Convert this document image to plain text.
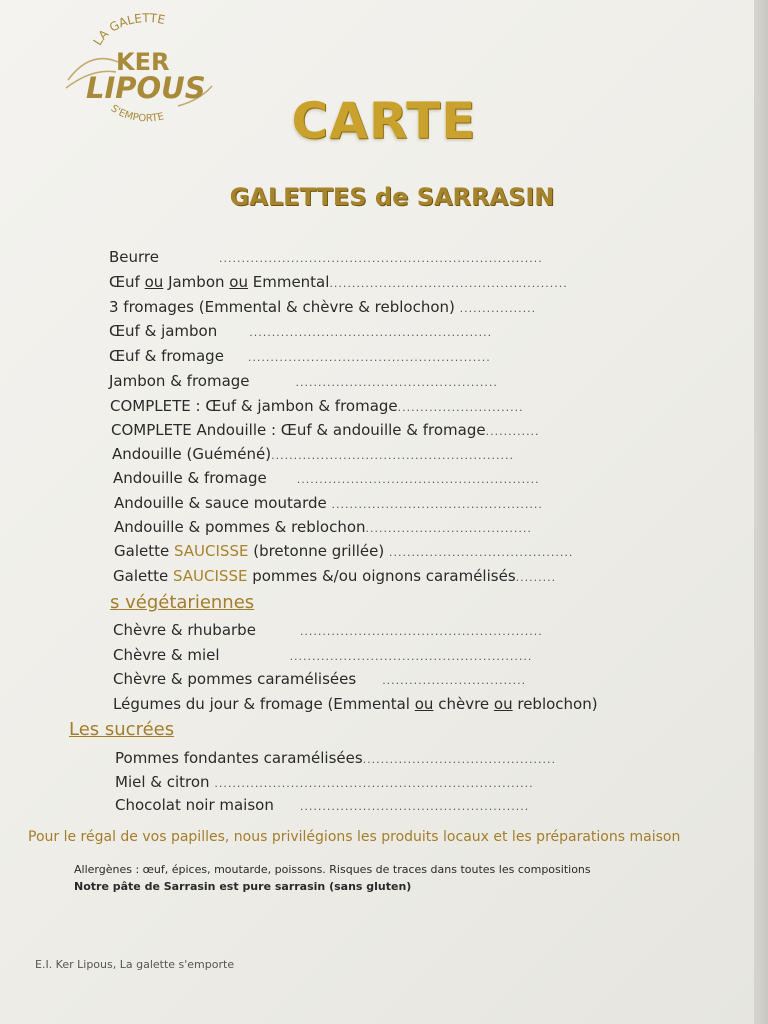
LA GALETTE
KER
LIPOUS
S'EMPORTE	CARTE
GALETTES de SARRASIN
Beurre	........................................................................
Œuf ou Jambon ou Emmental.....................................................
3 fromages (Emmental & chèvre & reblochon) .................
Œuf & jambon	......................................................
Œuf & fromage ......................................................
Jambon & fromage	.............................................
COMPLETE : Œuf & jambon & fromage............................
COMPLETE Andouille : Œuf & andouille & fromage............
Andouille (Guéméné)......................................................
Andouille & fromage	......................................................
Andouille & sauce moutarde ...............................................
Andouille & pommes & reblochon.....................................
Galette SAUCISSE (bretonne grillée) .........................................
Galette SAUCISSE pommes &/ou oignons caramélisés.........
s végétariennes
Chèvre & rhubarbe	......................................................
Chèvre & miel	......................................................
Chèvre & pommes caramélisées ................................
Légumes du jour & fromage (Emmental ou chèvre ou reblochon)
Les sucrées
Pommes fondantes caramélisées...........................................
Miel & citron .......................................................................
Chocolat noir maison ...................................................
Pour le régal de vos papilles, nous privilégions les produits locaux et les préparations maison
Allergènes : œuf, épices, moutarde, poissons. Risques de traces dans toutes les compositions
Notre pâte de Sarrasin est pure sarrasin (sans gluten)
E.I. Ker Lipous, La galette s'emporte
